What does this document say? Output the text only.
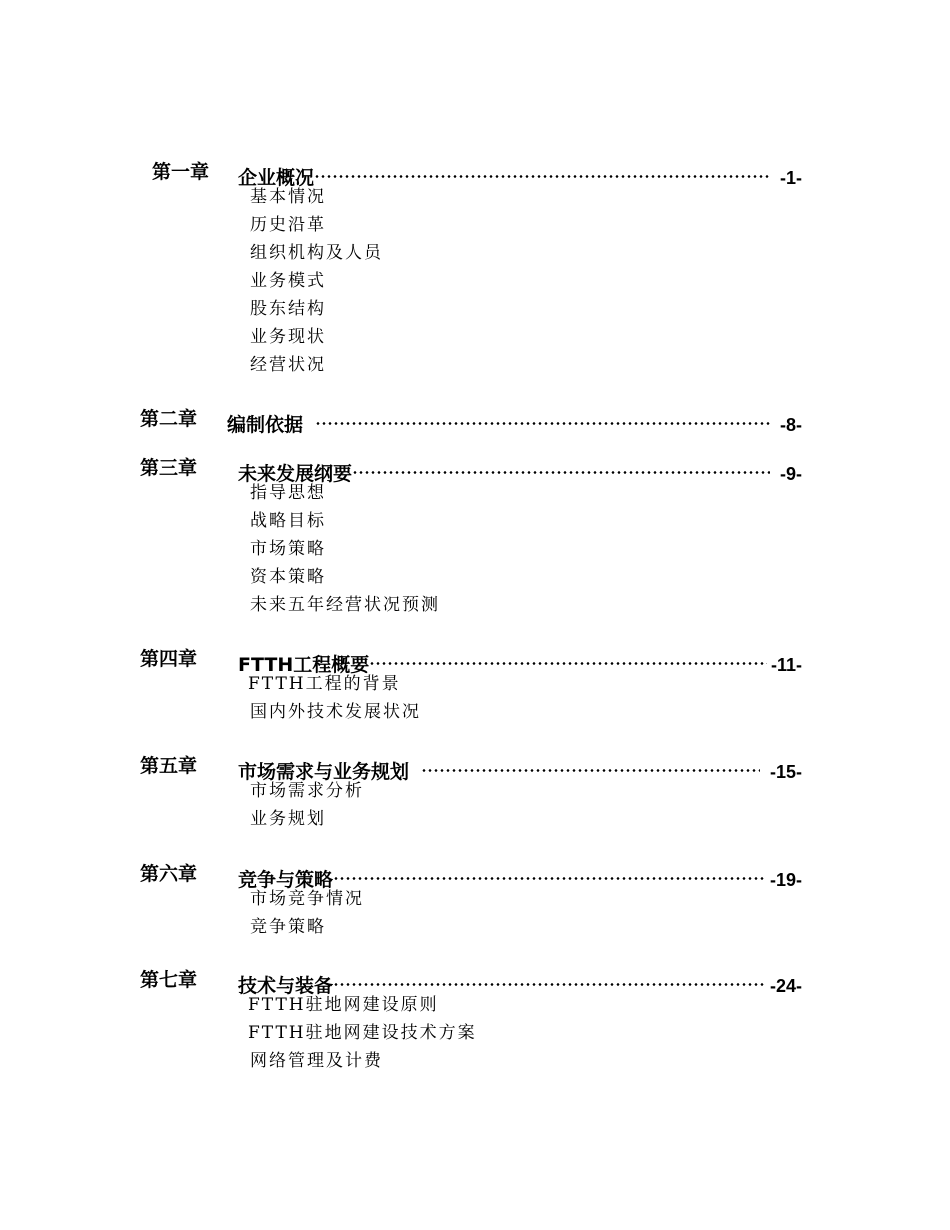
第一章 企业概况	-1-
基本情况
历史沿革
组织机构及人员
业务模式
股东结构
业务现状
经营状况
第二章 编制依据	-8-
第三章 未来发展纲要	-9-
指导思想
战略目标
市场策略
资本策略
未来五年经营状况预测
第四章 FTTH工程概要	-11-
FTTH工程的背景
国内外技术发展状况
第五章 市场需求与业务规划	-15-
市场需求分析
业务规划
第六章 竞争与策略	-19-
市场竞争情况
竞争策略
第七章 技术与装备	-24-
FTTH驻地网建设原则
FTTH驻地网建设技术方案
网络管理及计费
